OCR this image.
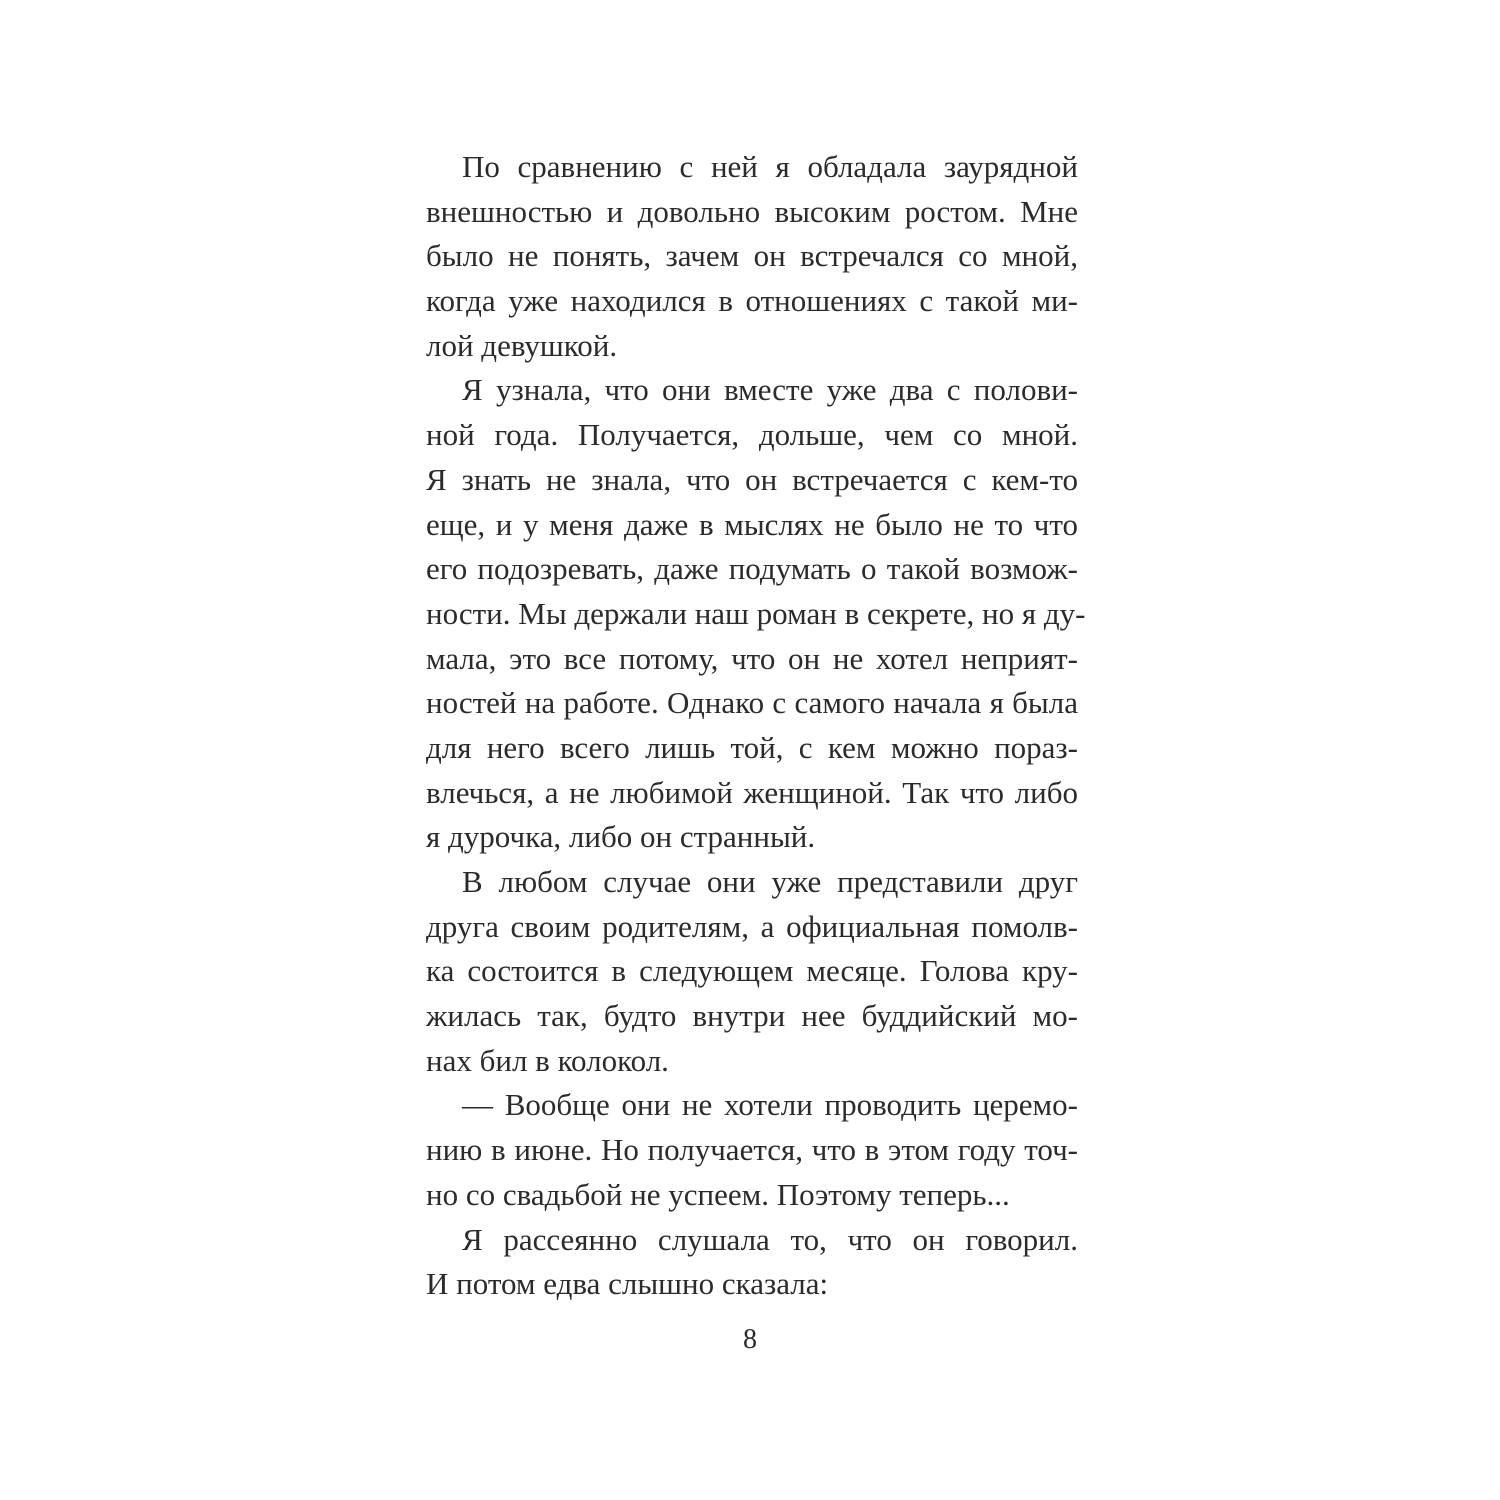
По сравнению с ней я обладала заурядной
внешностью и довольно высоким ростом. Мне
было не понять, зачем он встречался со мной,
когда уже находился в отношениях с такой ми-
лой девушкой.
Я узнала, что они вместе уже два с полови-
ной года. Получается, дольше, чем со мной.
Я знать не знала, что он встречается с кем-то
еще, и у меня даже в мыслях не было не то что
его подозревать, даже подумать о такой возмож-
ности. Мы держали наш роман в секрете, но я ду-
мала, это все потому, что он не хотел неприят-
ностей на работе. Однако с самого начала я была
для него всего лишь той, с кем можно пораз-
влечься, а не любимой женщиной. Так что либо
я дурочка, либо он странный.
В любом случае они уже представили друг
друга своим родителям, а официальная помолв-
ка состоится в следующем месяце. Голова кру-
жилась так, будто внутри нее буддийский мо-
нах бил в колокол.
— Вообще они не хотели проводить церемо-
нию в июне. Но получается, что в этом году точ-
но со свадьбой не успеем. Поэтому теперь...
Я рассеянно слушала то, что он говорил.
И потом едва слышно сказала:
8
